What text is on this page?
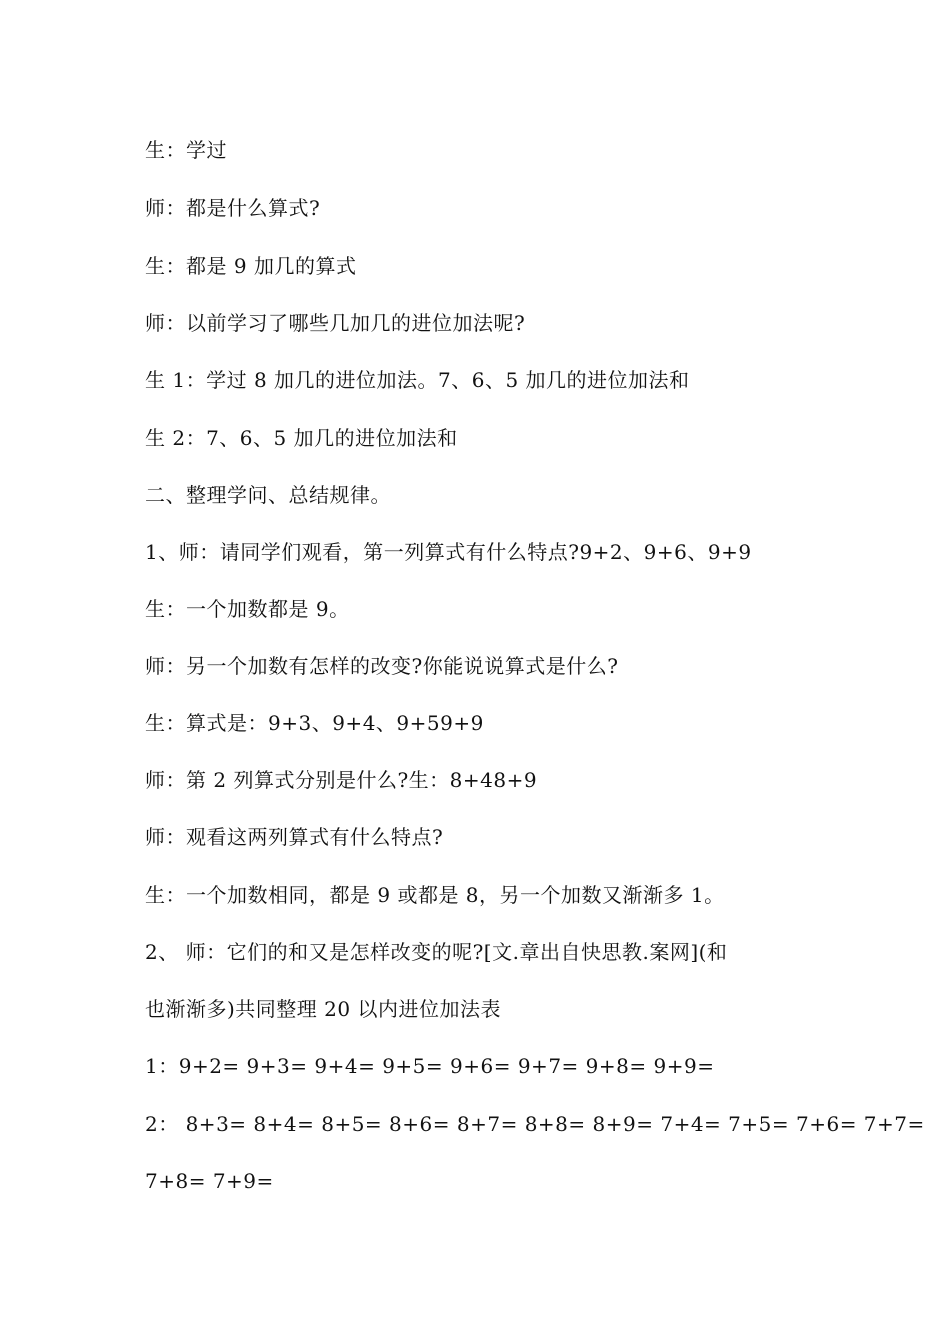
生：学过
师：都是什么算式?
生：都是 9 加几的算式
师：以前学习了哪些几加几的进位加法呢?
生 1：学过 8 加几的进位加法。7、6、5 加几的进位加法和
生 2：7、6、5 加几的进位加法和
二、整理学问、总结规律。
1、师：请同学们观看，第一列算式有什么特点?9+2、9+6、9+9
生：一个加数都是 9。
师：另一个加数有怎样的改变?你能说说算式是什么?
生：算式是：9+3、9+4、9+59+9
师：第 2 列算式分别是什么?生：8+48+9
师：观看这两列算式有什么特点?
生：一个加数相同，都是 9 或都是 8，另一个加数又渐渐多 1。
2、 师：它们的和又是怎样改变的呢?[文.章出自快思教.案网](和
也渐渐多)共同整理 20 以内进位加法表
1：9+2= 9+3= 9+4= 9+5= 9+6= 9+7= 9+8= 9+9=
2： 8+3= 8+4= 8+5= 8+6= 8+7= 8+8= 8+9= 7+4= 7+5= 7+6= 7+7=
7+8= 7+9=
